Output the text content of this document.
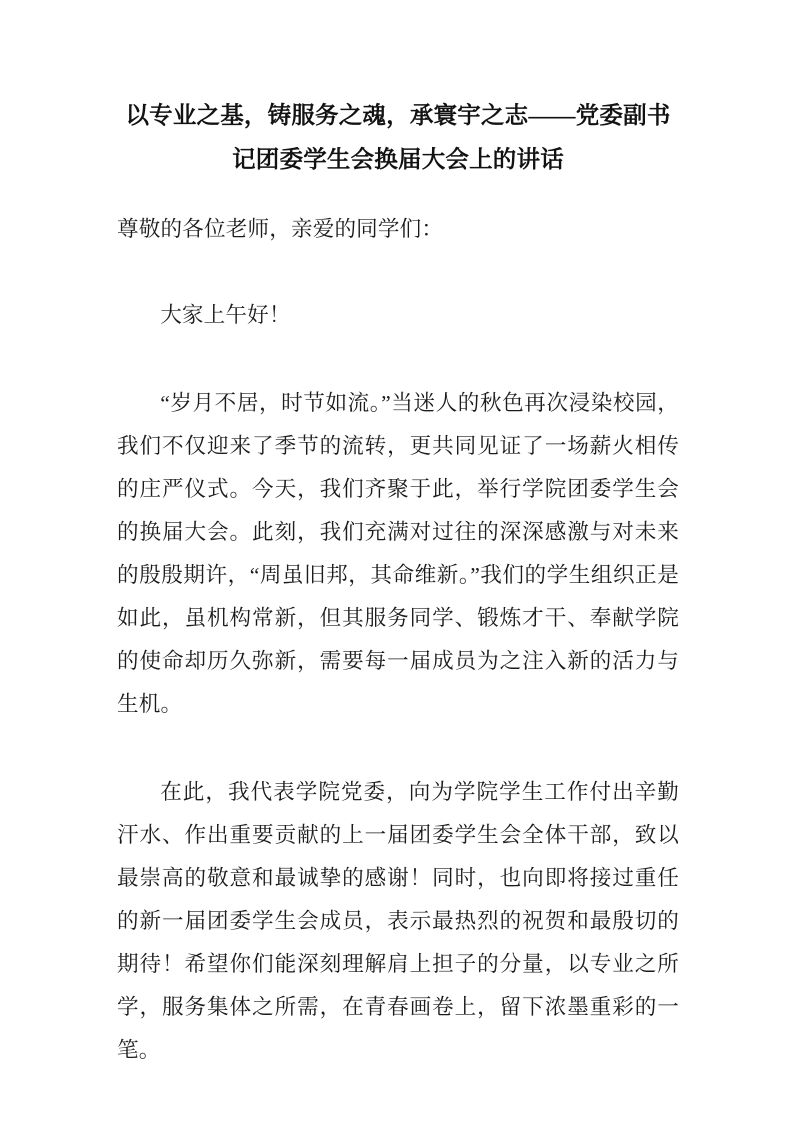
以专业之基，铸服务之魂，承寰宇之志——党委副书
记团委学生会换届大会上的讲话

尊敬的各位老师，亲爱的同学们：

大家上午好！

“岁月不居，时节如流。”当迷人的秋色再次浸染校园，我们不仅迎来了季节的流转，更共同见证了一场薪火相传的庄严仪式。今天，我们齐聚于此，举行学院团委学生会的换届大会。此刻，我们充满对过往的深深感激与对未来的殷殷期许，“周虽旧邦，其命维新。”我们的学生组织正是如此，虽机构常新，但其服务同学、锻炼才干、奉献学院的使命却历久弥新，需要每一届成员为之注入新的活力与生机。

在此，我代表学院党委，向为学院学生工作付出辛勤汗水、作出重要贡献的上一届团委学生会全体干部，致以最崇高的敬意和最诚挚的感谢！同时，也向即将接过重任的新一届团委学生会成员，表示最热烈的祝贺和最殷切的期待！希望你们能深刻理解肩上担子的分量，以专业之所学，服务集体之所需，在青春画卷上，留下浓墨重彩的一笔。
